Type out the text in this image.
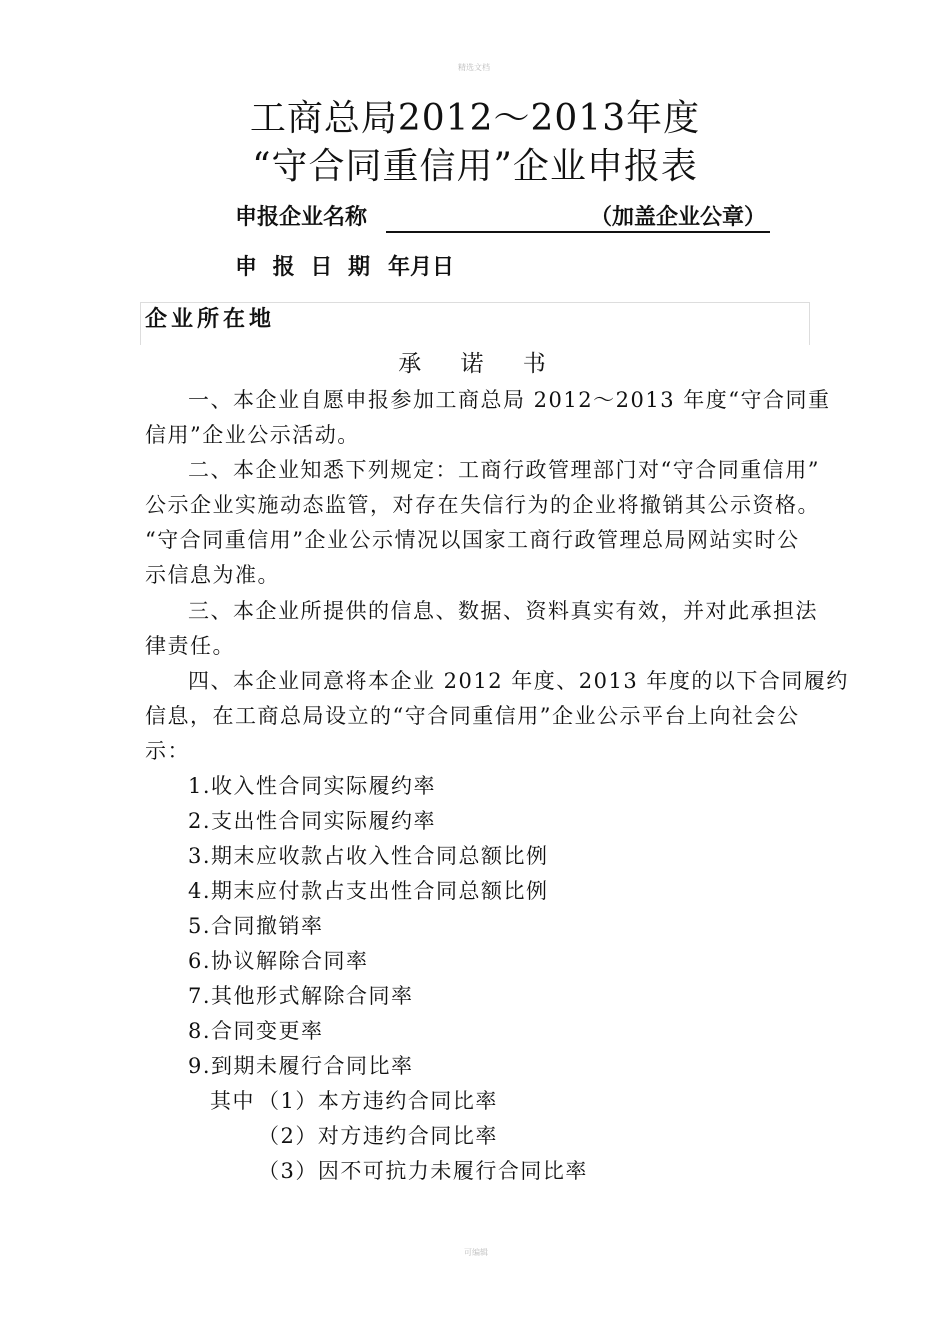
精选文档
工商总局2012～2013年度
“守合同重信用”企业申报表
申报企业名称	（加盖企业公章）
申 报 日 期 年月日
企业所在地
承 诺 书
一、本企业自愿申报参加工商总局 2012～2013 年度“守合同重
信用”企业公示活动。
二、本企业知悉下列规定：工商行政管理部门对“守合同重信用”
公示企业实施动态监管，对存在失信行为的企业将撤销其公示资格。
“守合同重信用”企业公示情况以国家工商行政管理总局网站实时公
示信息为准。
三、本企业所提供的信息、数据、资料真实有效，并对此承担法
律责任。
四、本企业同意将本企业 2012 年度、2013 年度的以下合同履约
信息，在工商总局设立的“守合同重信用”企业公示平台上向社会公
示：
1.收入性合同实际履约率
2.支出性合同实际履约率
3.期末应收款占收入性合同总额比例
4.期末应付款占支出性合同总额比例
5.合同撤销率
6.协议解除合同率
7.其他形式解除合同率
8.合同变更率
9.到期未履行合同比率
其中 （1）本方违约合同比率
（2）对方违约合同比率
（3）因不可抗力未履行合同比率
可编辑
